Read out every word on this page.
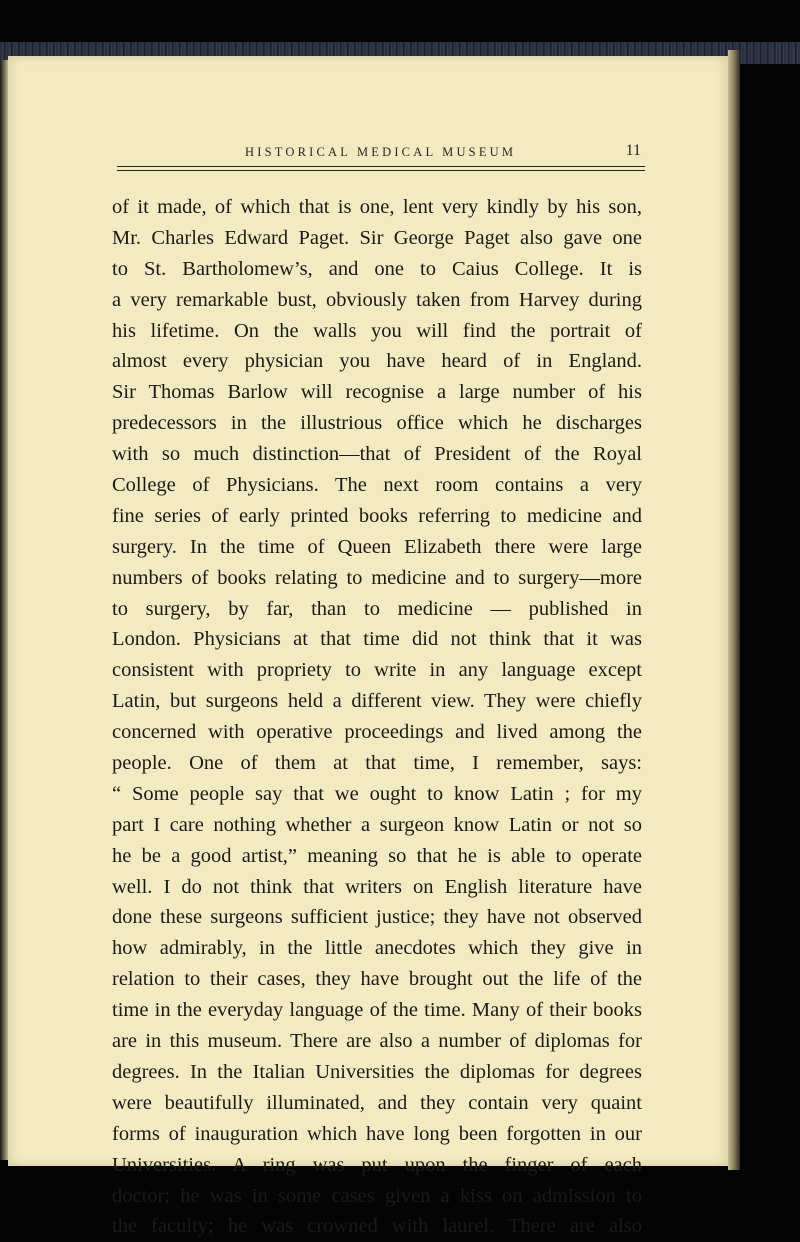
HISTORICAL MEDICAL MUSEUM	11
of it made, of which that is one, lent very kindly by his son,
Mr. Charles Edward Paget. Sir George Paget also gave one
to St. Bartholomew’s, and one to Caius College. It is
a very remarkable bust, obviously taken from Harvey during
his lifetime. On the walls you will find the portrait of
almost every physician you have heard of in England.
Sir Thomas Barlow will recognise a large number of his
predecessors in the illustrious office which he discharges
with so much distinction—that of President of the Royal
College of Physicians. The next room contains a very
fine series of early printed books referring to medicine and
surgery. In the time of Queen Elizabeth there were large
numbers of books relating to medicine and to surgery—more
to surgery, by far, than to medicine — published in
London. Physicians at that time did not think that it was
consistent with propriety to write in any language except
Latin, but surgeons held a different view. They were chiefly
concerned with operative proceedings and lived among the
people. One of them at that time, I remember, says:
“ Some people say that we ought to know Latin ; for my
part I care nothing whether a surgeon know Latin or not so
he be a good artist,” meaning so that he is able to operate
well. I do not think that writers on English literature have
done these surgeons sufficient justice; they have not observed
how admirably, in the little anecdotes which they give in
relation to their cases, they have brought out the life of the
time in the everyday language of the time. Many of their books
are in this museum. There are also a number of diplomas for
degrees. In the Italian Universities the diplomas for degrees
were beautifully illuminated, and they contain very quaint
forms of inauguration which have long been forgotten in our
Universities. A ring was put upon the finger of each
doctor; he was in some cases given a kiss on admission to
the faculty; he was crowned with laurel. There are also
